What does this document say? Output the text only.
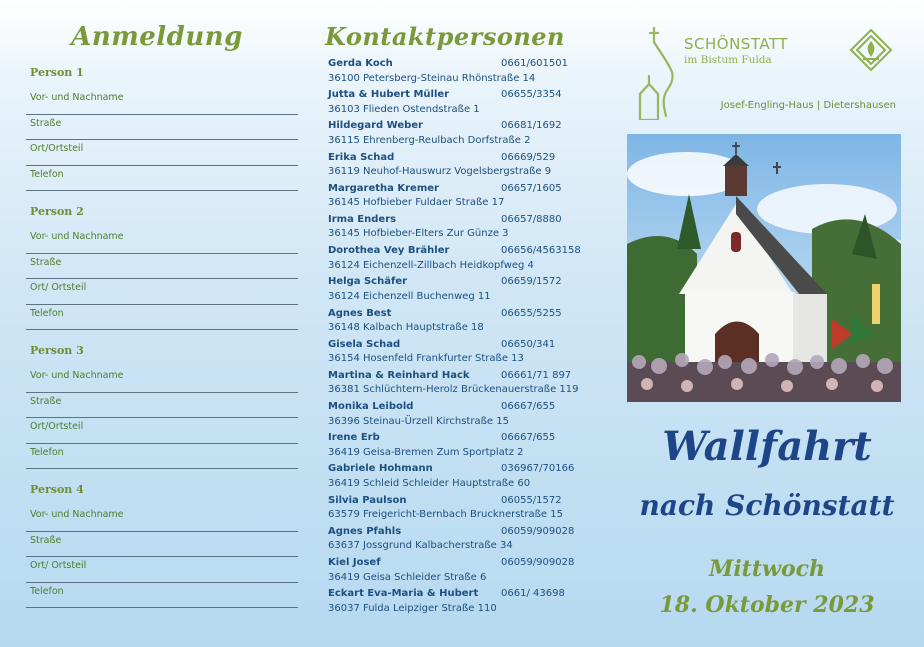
Anmeldung
Person 1
Vor- und Nachname
Straße
Ort/Ortsteil
Telefon
Person 2
Vor- und Nachname
Straße
Ort/ Ortsteil
Telefon
Person 3
Vor- und Nachname
Straße
Ort/Ortsteil
Telefon
Person 4
Vor- und Nachname
Straße
Ort/ Ortsteil
Telefon
Kontaktpersonen
Gerda Koch	0661/601501
36100 Petersberg-Steinau Rhönstraße 14
Jutta & Hubert Müller	06655/3354
36103 Flieden Ostendstraße 1
Hildegard Weber	06681/1692
36115 Ehrenberg-Reulbach Dorfstraße 2
Erika Schad	06669/529
36119 Neuhof-Hauswurz Vogelsbergstraße 9
Margaretha Kremer	06657/1605
36145 Hofbieber Fuldaer Straße 17
Irma Enders	06657/8880
36145 Hofbieber-Elters Zur Günze 3
Dorothea Vey Brähler	06656/4563158
36124 Eichenzell-Zillbach Heidkopfweg 4
Helga Schäfer	06659/1572
36124 Eichenzell Buchenweg 11
Agnes Best	06655/5255
36148 Kalbach Hauptstraße 18
Gisela Schad	06650/341
36154 Hosenfeld Frankfurter Straße 13
Martina & Reinhard Hack	06661/71 897
36381 Schlüchtern-Herolz Brückenauerstraße 119
Monika Leibold	06667/655
36396 Steinau-Ürzell Kirchstraße 15
Irene Erb	06667/655
36419 Geisa-Bremen Zum Sportplatz 2
Gabriele Hohmann	036967/70166
36419 Schleid Schleider Hauptstraße 60
Silvia Paulson	06055/1572
63579 Freigericht-Bernbach Brucknerstraße 15
Agnes Pfahls	06059/909028
63637 Jossgrund Kalbacherstraße 34
Kiel Josef	06059/909028
36419 Geisa Schleider Straße 6
Eckart Eva-Maria & Hubert 0661/ 43698
36037 Fulda Leipziger Straße 110
SCHÖNSTATT
im Bistum Fulda
Josef-Engling-Haus | Dietershausen
Wallfahrt
nach Schönstatt
Mittwoch
18. Oktober 2023
